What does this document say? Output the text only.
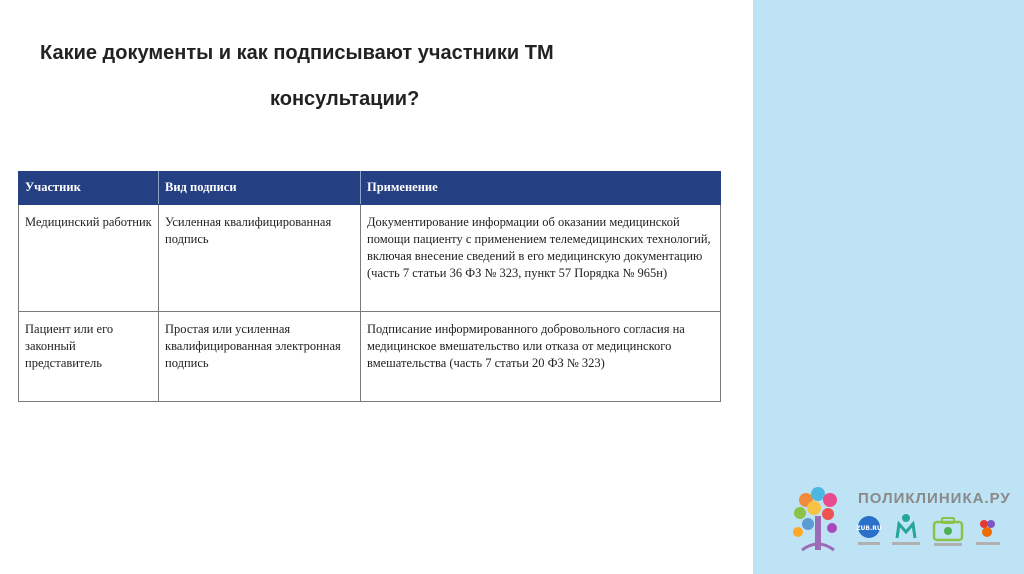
Какие документы и как подписывают участники ТМ
консультации?
Участник	Вид подписи	Применение
Медицинский работник	Усиленная квалифицированная подпись	Документирование информации об оказании медицинской помощи пациенту с применением телемедицинских технологий, включая внесение сведений в его медицинскую документацию (часть 7 статьи 36 ФЗ № 323, пункт 57 Порядка № 965н)
Пациент или его законный представитель	Простая или усиленная квалифицированная электронная подпись	Подписание информированного добровольного согласия на медицинское вмешательство или отказа от медицинского вмешательства (часть 7 статьи 20 ФЗ № 323)
ZUB.RU
ПОЛИКЛИНИКА.РУ
